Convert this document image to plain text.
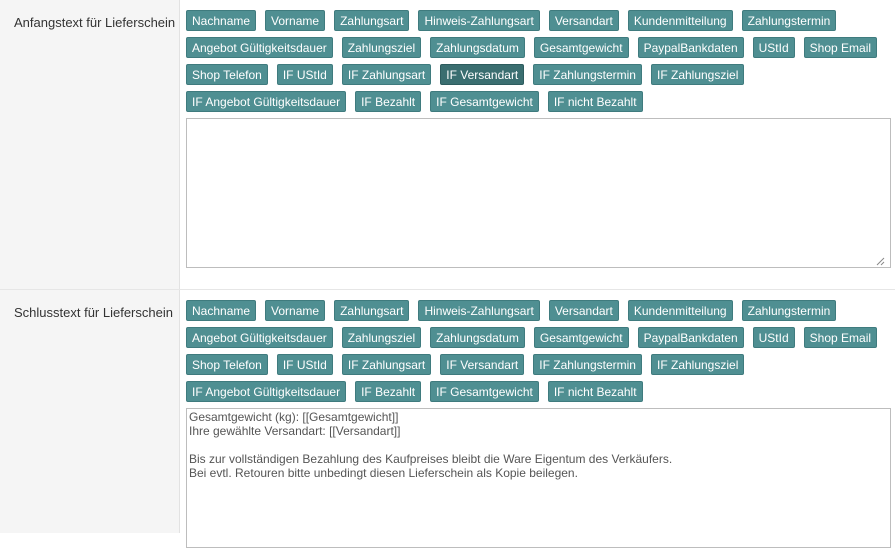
Anfangstext für Lieferschein	Nachname	Vorname	Zahlungsart	Hinweis-Zahlungsart	Versandart	Kundenmitteilung	Zahlungstermin
Angebot Gültigkeitsdauer	Zahlungsziel	Zahlungsdatum	Gesamtgewicht	PaypalBankdaten	UStId	Shop Email
Shop Telefon	IF UStId	IF Zahlungsart	IF Versandart	IF Zahlungstermin	IF Zahlungsziel
IF Angebot Gültigkeitsdauer	IF Bezahlt	IF Gesamtgewicht	IF nicht Bezahlt
Schlusstext für Lieferschein	Nachname	Vorname	Zahlungsart	Hinweis-Zahlungsart	Versandart	Kundenmitteilung	Zahlungstermin
Angebot Gültigkeitsdauer	Zahlungsziel	Zahlungsdatum	Gesamtgewicht	PaypalBankdaten	UStId	Shop Email
Shop Telefon	IF UStId	IF Zahlungsart	IF Versandart	IF Zahlungstermin	IF Zahlungsziel
IF Angebot Gültigkeitsdauer	IF Bezahlt	IF Gesamtgewicht	IF nicht Bezahlt
Gesamtgewicht (kg): [[Gesamtgewicht]]
Ihre gewählte Versandart: [[Versandart]]

Bis zur vollständigen Bezahlung des Kaufpreises bleibt die Ware Eigentum des Verkäufers.
Bei evtl. Retouren bitte unbedingt diesen Lieferschein als Kopie beilegen.
